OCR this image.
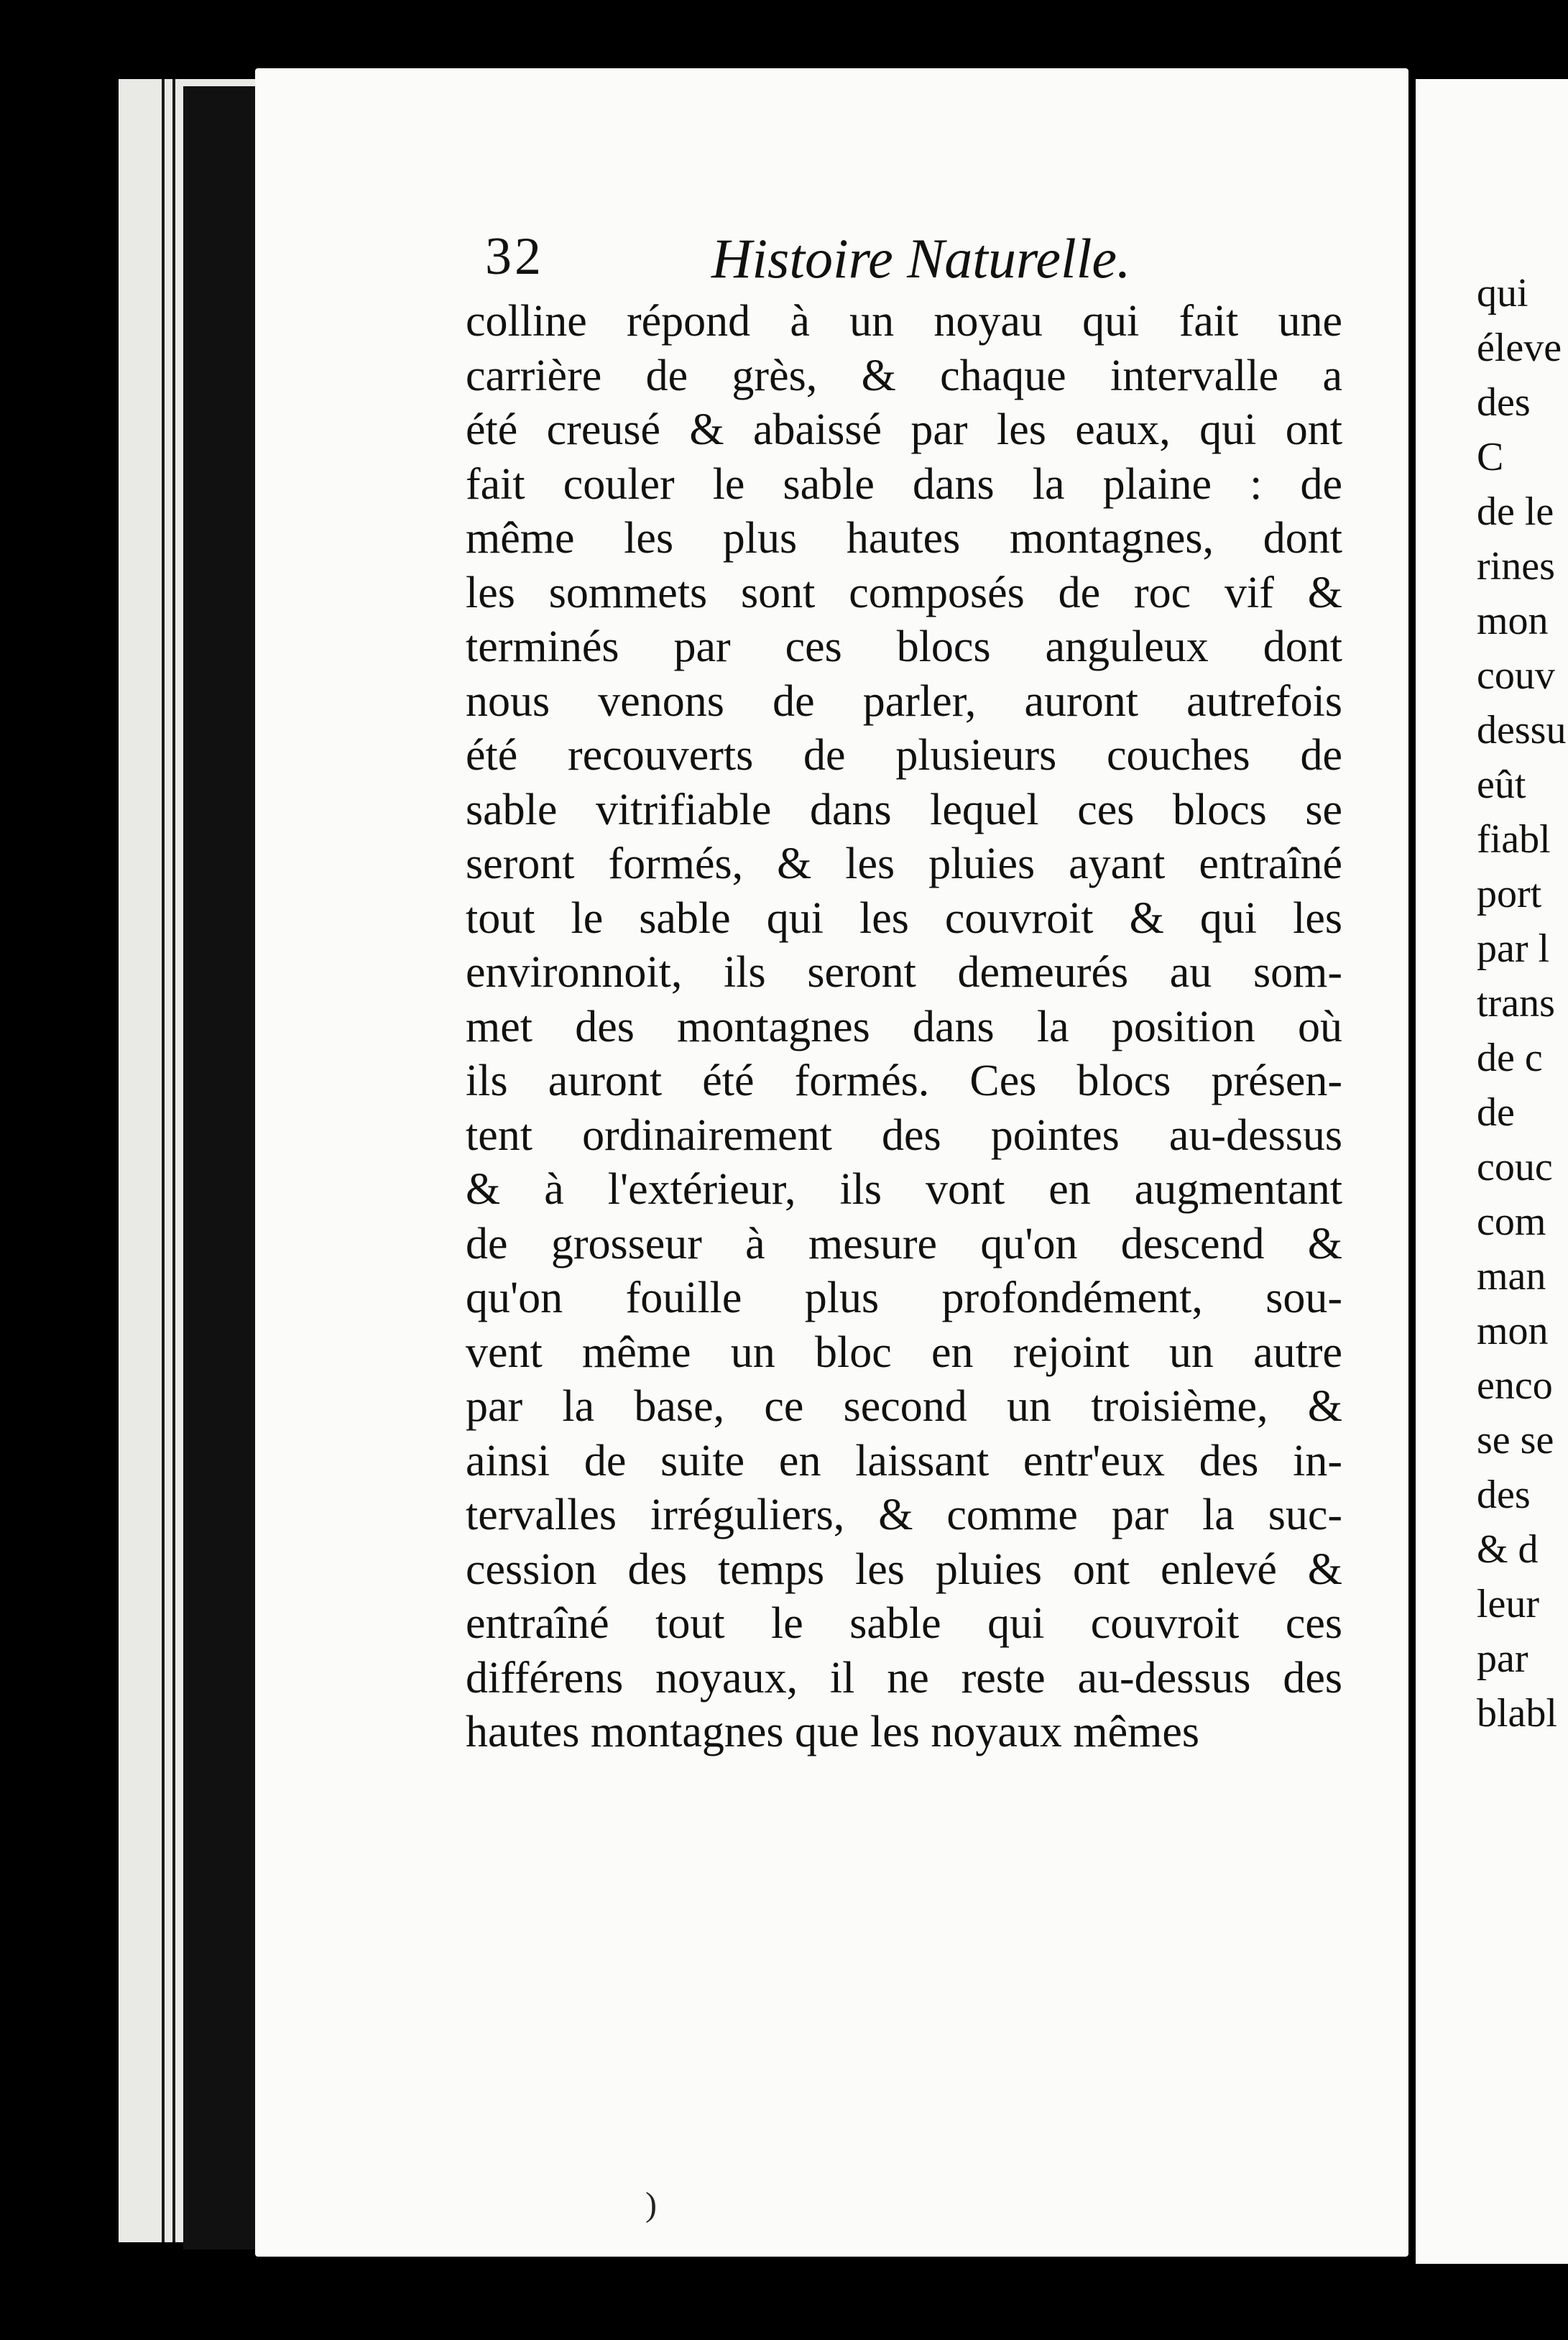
qui
éleve
des
C
de le
rines
mon
couv
dessu
eût
fiabl
port
par l
trans
de c
de
couc
com
man
mon
enco
se se
des
& d
leur
par
blabl
32	Histoire Naturelle.
colline répond à un noyau qui fait une
carrière de grès, & chaque intervalle a
été creusé & abaissé par les eaux, qui ont
fait couler le sable dans la plaine : de
même les plus hautes montagnes, dont
les sommets sont composés de roc vif &
terminés par ces blocs anguleux dont
nous venons de parler, auront autrefois
été recouverts de plusieurs couches de
sable vitrifiable dans lequel ces blocs se
seront formés, & les pluies ayant entraîné
tout le sable qui les couvroit & qui les
environnoit, ils seront demeurés au som-
met des montagnes dans la position où
ils auront été formés. Ces blocs présen-
tent ordinairement des pointes au-dessus
& à l'extérieur, ils vont en augmentant
de grosseur à mesure qu'on descend &
qu'on fouille plus profondément, sou-
vent même un bloc en rejoint un autre
par la base, ce second un troisième, &
ainsi de suite en laissant entr'eux des in-
tervalles irréguliers, & comme par la suc-
cession des temps les pluies ont enlevé &
entraîné tout le sable qui couvroit ces
différens noyaux, il ne reste au-dessus des
hautes montagnes que les noyaux mêmes
)
